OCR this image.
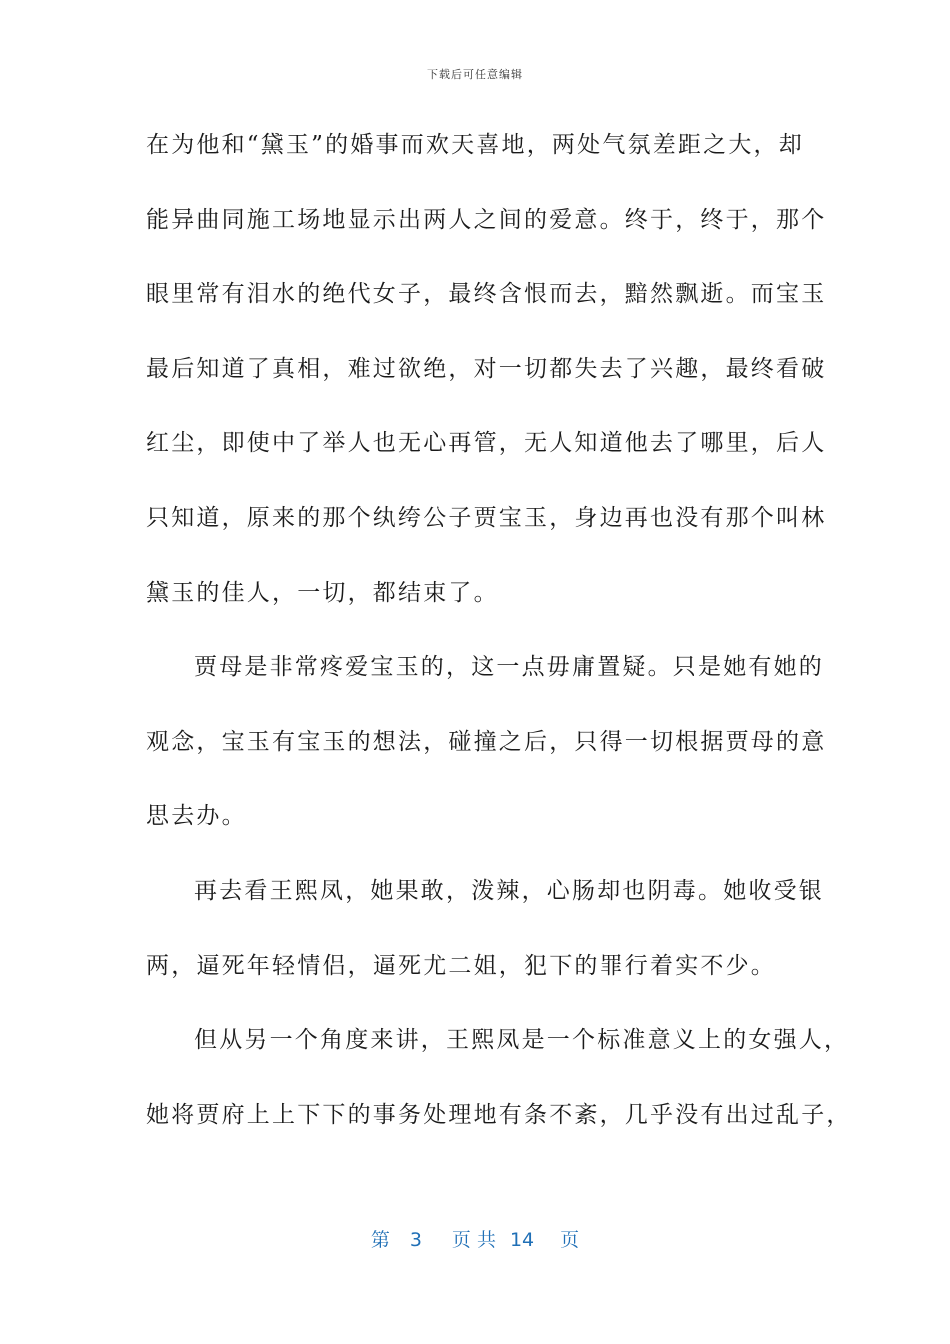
下载后可任意编辑
在为他和“黛玉”的婚事而欢天喜地，两处气氛差距之大，却
能异曲同施工场地显示出两人之间的爱意。终于，终于，那个
眼里常有泪水的绝代女子，最终含恨而去，黯然飘逝。而宝玉
最后知道了真相，难过欲绝，对一切都失去了兴趣，最终看破
红尘，即使中了举人也无心再管，无人知道他去了哪里，后人
只知道，原来的那个纨绔公子贾宝玉，身边再也没有那个叫林
黛玉的佳人，一切，都结束了。
贾母是非常疼爱宝玉的，这一点毋庸置疑。只是她有她的
观念，宝玉有宝玉的想法，碰撞之后，只得一切根据贾母的意
思去办。
再去看王熙凤，她果敢，泼辣，心肠却也阴毒。她收受银
两，逼死年轻情侣，逼死尤二姐，犯下的罪行着实不少。
但从另一个角度来讲，王熙凤是一个标准意义上的女强人，
她将贾府上上下下的事务处理地有条不紊，几乎没有出过乱子，
第 3 页 共 14 页
